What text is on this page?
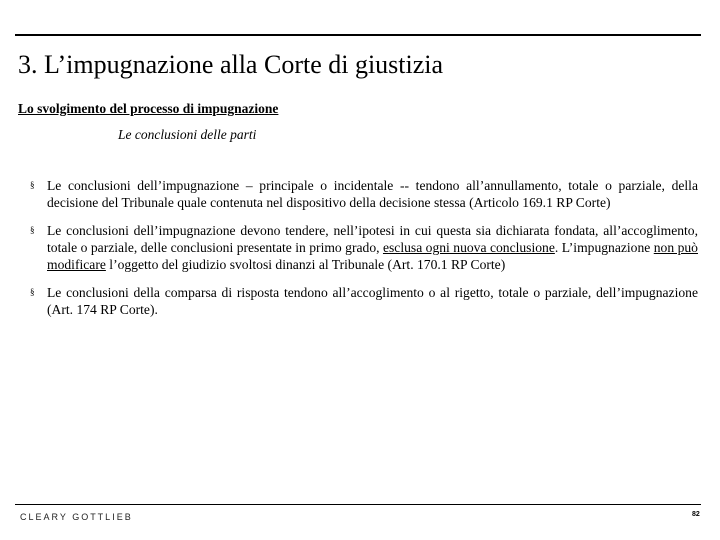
3. L’impugnazione alla Corte di giustizia
Lo svolgimento del processo di impugnazione
Le conclusioni delle parti
§ Le conclusioni dell’impugnazione – principale o incidentale -- tendono all’annullamento, totale o parziale, della decisione del Tribunale quale contenuta nel dispositivo della decisione stessa (Articolo 169.1 RP Corte)
§ Le conclusioni dell’impugnazione devono tendere, nell’ipotesi in cui questa sia dichiarata fondata, all’accoglimento, totale o parziale, delle conclusioni presentate in primo grado, esclusa ogni nuova conclusione. L’impugnazione non può modificare l’oggetto del giudizio svoltosi dinanzi al Tribunale (Art. 170.1 RP Corte)
§ Le conclusioni della comparsa di risposta tendono all’accoglimento o al rigetto, totale o parziale, dell’impugnazione (Art. 174 RP Corte).
CLEARY GOTTLIEB	82
